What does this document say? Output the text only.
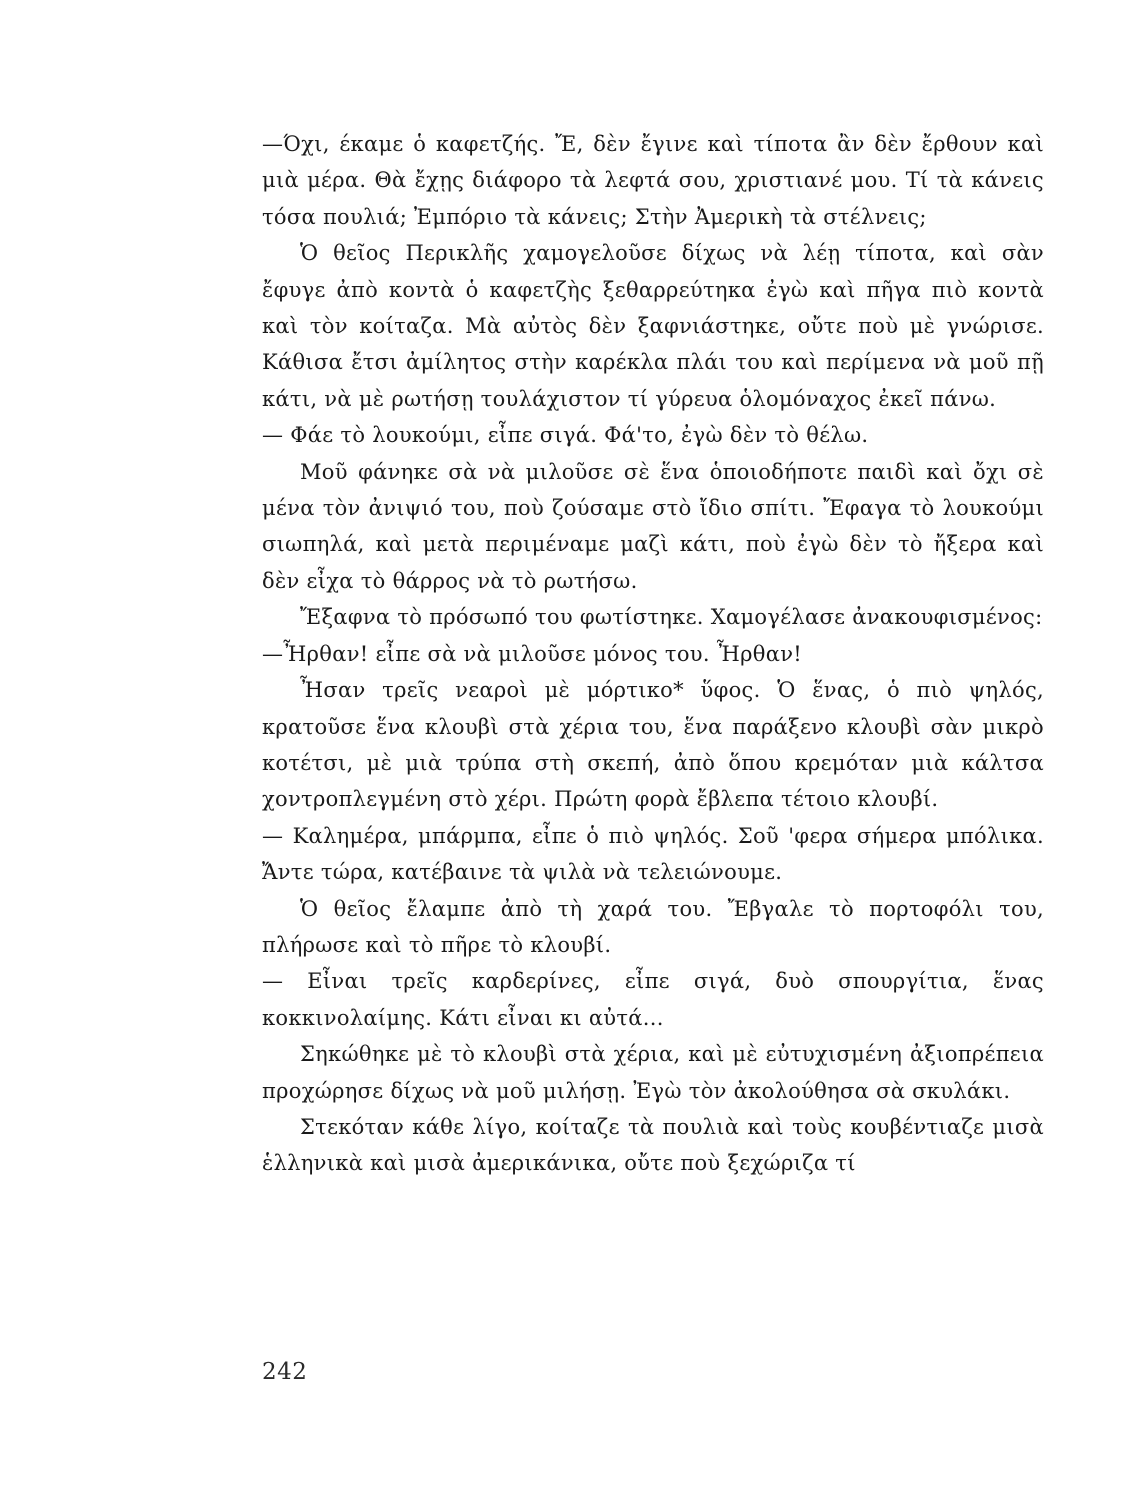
—Όχι, έκαμε ὁ καφετζής. Ἔ, δὲν ἔγινε καὶ τίποτα ἂν δὲν ἔρθουν καὶ μιὰ μέρα. Θὰ ἔχῃς διάφορο τὰ λεφτά σου, χριστιανέ μου. Τί τὰ κάνεις τόσα πουλιά; Ἐμπόριο τὰ κάνεις; Στὴν Ἀμερικὴ τὰ στέλνεις;

Ὁ θεῖος Περικλῆς χαμογελοῦσε δίχως νὰ λέῃ τίποτα, καὶ σὰν ἔφυγε ἀπὸ κοντὰ ὁ καφετζὴς ξεθαρρεύτηκα ἐγὼ καὶ πῆγα πιὸ κοντὰ καὶ τὸν κοίταζα. Μὰ αὐτὸς δὲν ξαφνιάστηκε, οὔτε ποὺ μὲ γνώρισε. Κάθισα ἔτσι ἀμίλητος στὴν καρέκλα πλάι του καὶ περίμενα νὰ μοῦ πῇ κάτι, νὰ μὲ ρωτήσῃ τουλάχιστον τί γύρευα ὁλομόναχος ἐκεῖ πάνω.

— Φάε τὸ λουκούμι, εἶπε σιγά. Φά'το, ἐγὼ δὲν τὸ θέλω.

Μοῦ φάνηκε σὰ νὰ μιλοῦσε σὲ ἕνα ὁποιοδήποτε παιδὶ καὶ ὄχι σὲ μένα τὸν ἀνιψιό του, ποὺ ζούσαμε στὸ ἴδιο σπίτι. Ἔφαγα τὸ λουκούμι σιωπηλά, καὶ μετὰ περιμέναμε μαζὶ κάτι, ποὺ ἐγὼ δὲν τὸ ἤξερα καὶ δὲν εἶχα τὸ θάρρος νὰ τὸ ρωτήσω.

Ἔξαφνα τὸ πρόσωπό του φωτίστηκε. Χαμογέλασε ἀνακουφισμένος:

—Ἦρθαν! εἶπε σὰ νὰ μιλοῦσε μόνος του. Ἦρθαν!

Ἦσαν τρεῖς νεαροὶ μὲ μόρτικο* ὕφος. Ὁ ἕνας, ὁ πιὸ ψηλός, κρατοῦσε ἕνα κλουβὶ στὰ χέρια του, ἕνα παράξενο κλουβὶ σὰν μικρὸ κοτέτσι, μὲ μιὰ τρύπα στὴ σκεπή, ἀπὸ ὅπου κρεμόταν μιὰ κάλτσα χοντροπλεγμένη στὸ χέρι. Πρώτη φορὰ ἔβλεπα τέτοιο κλουβί.

— Καλημέρα, μπάρμπα, εἶπε ὁ πιὸ ψηλός. Σοῦ 'φερα σήμερα μπόλικα. Ἄντε τώρα, κατέβαινε τὰ ψιλὰ νὰ τελειώνουμε.

Ὁ θεῖος ἔλαμπε ἀπὸ τὴ χαρά του. Ἔβγαλε τὸ πορτοφόλι του, πλήρωσε καὶ τὸ πῆρε τὸ κλουβί.

— Εἶναι τρεῖς καρδερίνες, εἶπε σιγά, δυὸ σπουργίτια, ἕνας κοκκινολαίμης. Κάτι εἶναι κι αὐτά...

Σηκώθηκε μὲ τὸ κλουβὶ στὰ χέρια, καὶ μὲ εὐτυχισμένη ἀξιοπρέπεια προχώρησε δίχως νὰ μοῦ μιλήσῃ. Ἐγὼ τὸν ἀκολούθησα σὰ σκυλάκι.

Στεκόταν κάθε λίγο, κοίταζε τὰ πουλιὰ καὶ τοὺς κουβέντιαζε μισὰ ἑλληνικὰ καὶ μισὰ ἀμερικάνικα, οὔτε ποὺ ξεχώριζα τί

242
